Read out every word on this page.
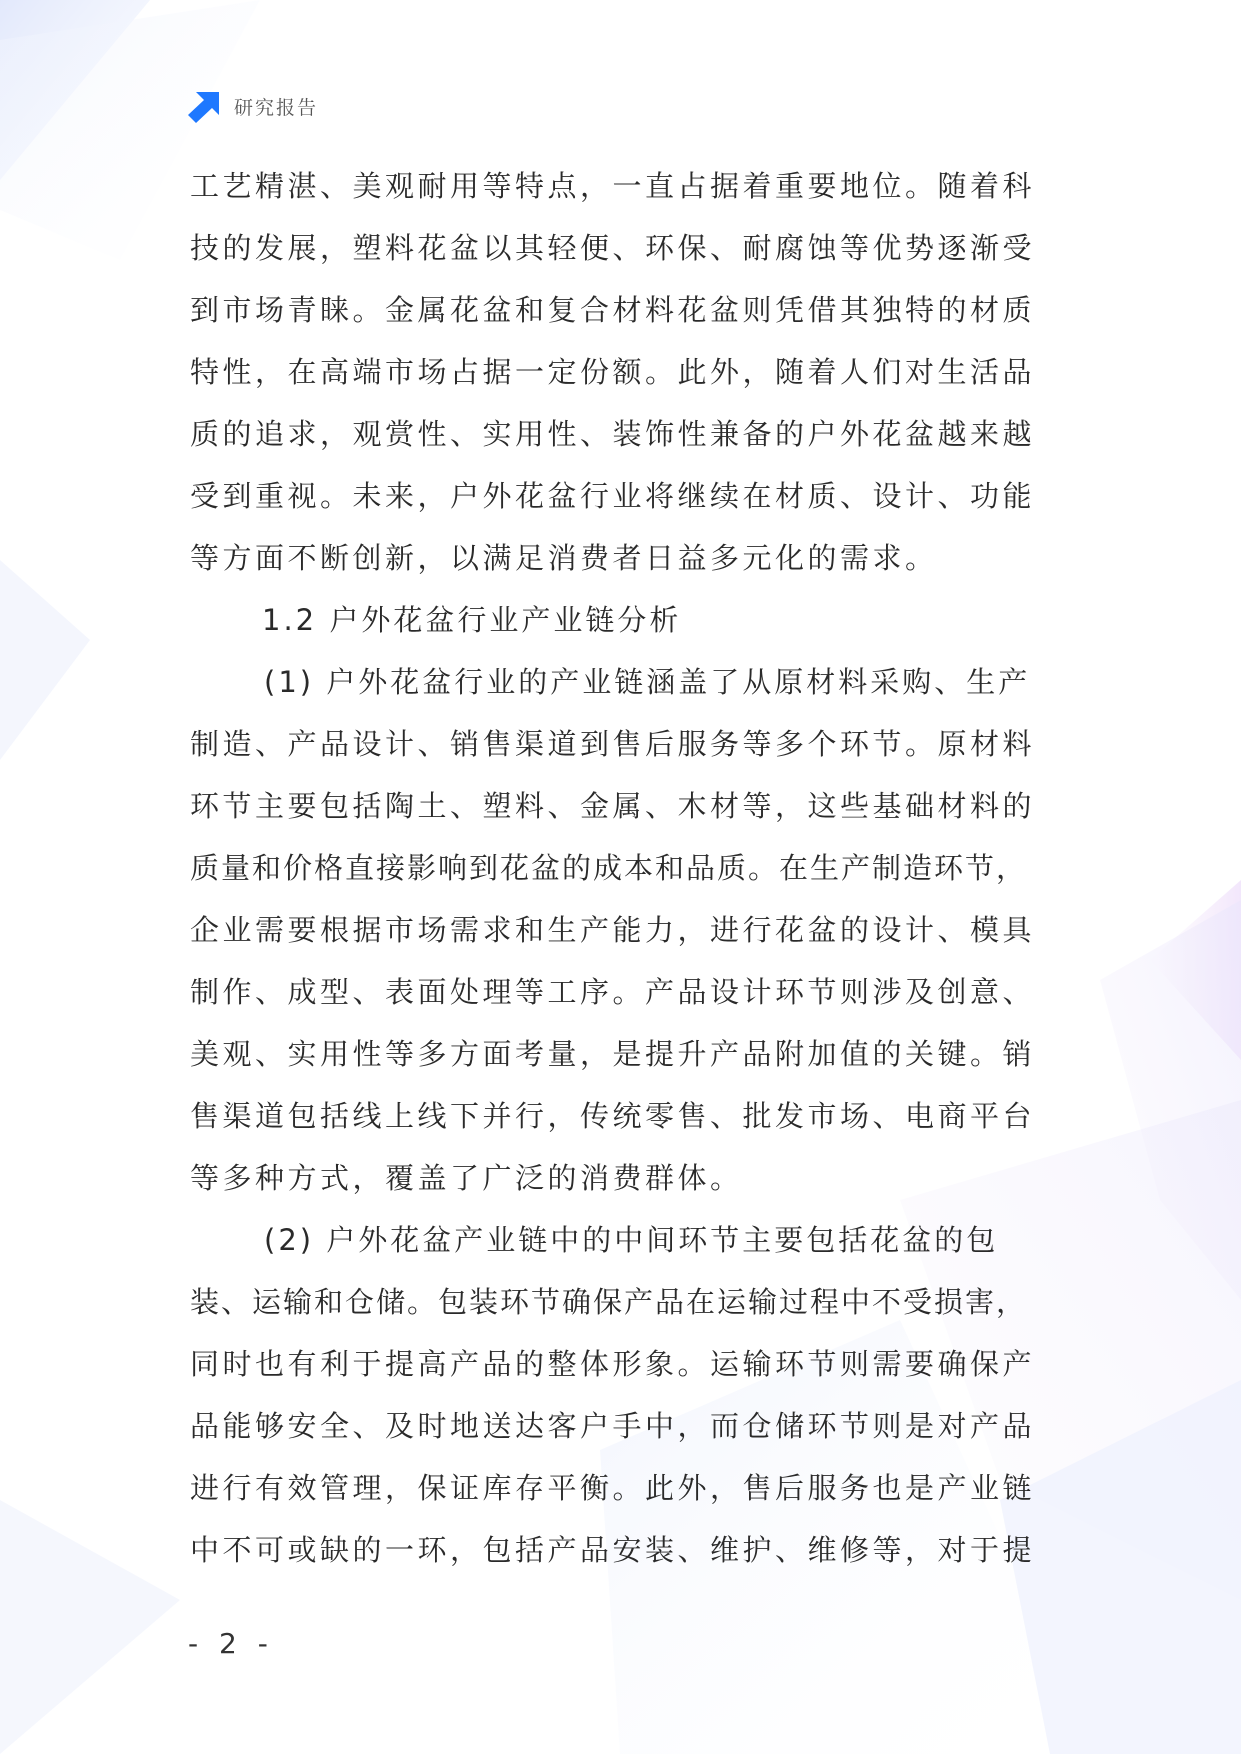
研究报告
工艺精湛、美观耐用等特点，一直占据着重要地位。随着科
技的发展，塑料花盆以其轻便、环保、耐腐蚀等优势逐渐受
到市场青睐。金属花盆和复合材料花盆则凭借其独特的材质
特性，在高端市场占据一定份额。此外，随着人们对生活品
质的追求，观赏性、实用性、装饰性兼备的户外花盆越来越
受到重视。未来，户外花盆行业将继续在材质、设计、功能
等方面不断创新，以满足消费者日益多元化的需求。
1.2 户外花盆行业产业链分析
(1) 户外花盆行业的产业链涵盖了从原材料采购、生产
制造、产品设计、销售渠道到售后服务等多个环节。原材料
环节主要包括陶土、塑料、金属、木材等，这些基础材料的
质量和价格直接影响到花盆的成本和品质。在生产制造环节，
企业需要根据市场需求和生产能力，进行花盆的设计、模具
制作、成型、表面处理等工序。产品设计环节则涉及创意、
美观、实用性等多方面考量，是提升产品附加值的关键。销
售渠道包括线上线下并行，传统零售、批发市场、电商平台
等多种方式，覆盖了广泛的消费群体。
(2) 户外花盆产业链中的中间环节主要包括花盆的包
装、运输和仓储。包装环节确保产品在运输过程中不受损害，
同时也有利于提高产品的整体形象。运输环节则需要确保产
品能够安全、及时地送达客户手中，而仓储环节则是对产品
进行有效管理，保证库存平衡。此外，售后服务也是产业链
中不可或缺的一环，包括产品安装、维护、维修等，对于提
- 2 -
